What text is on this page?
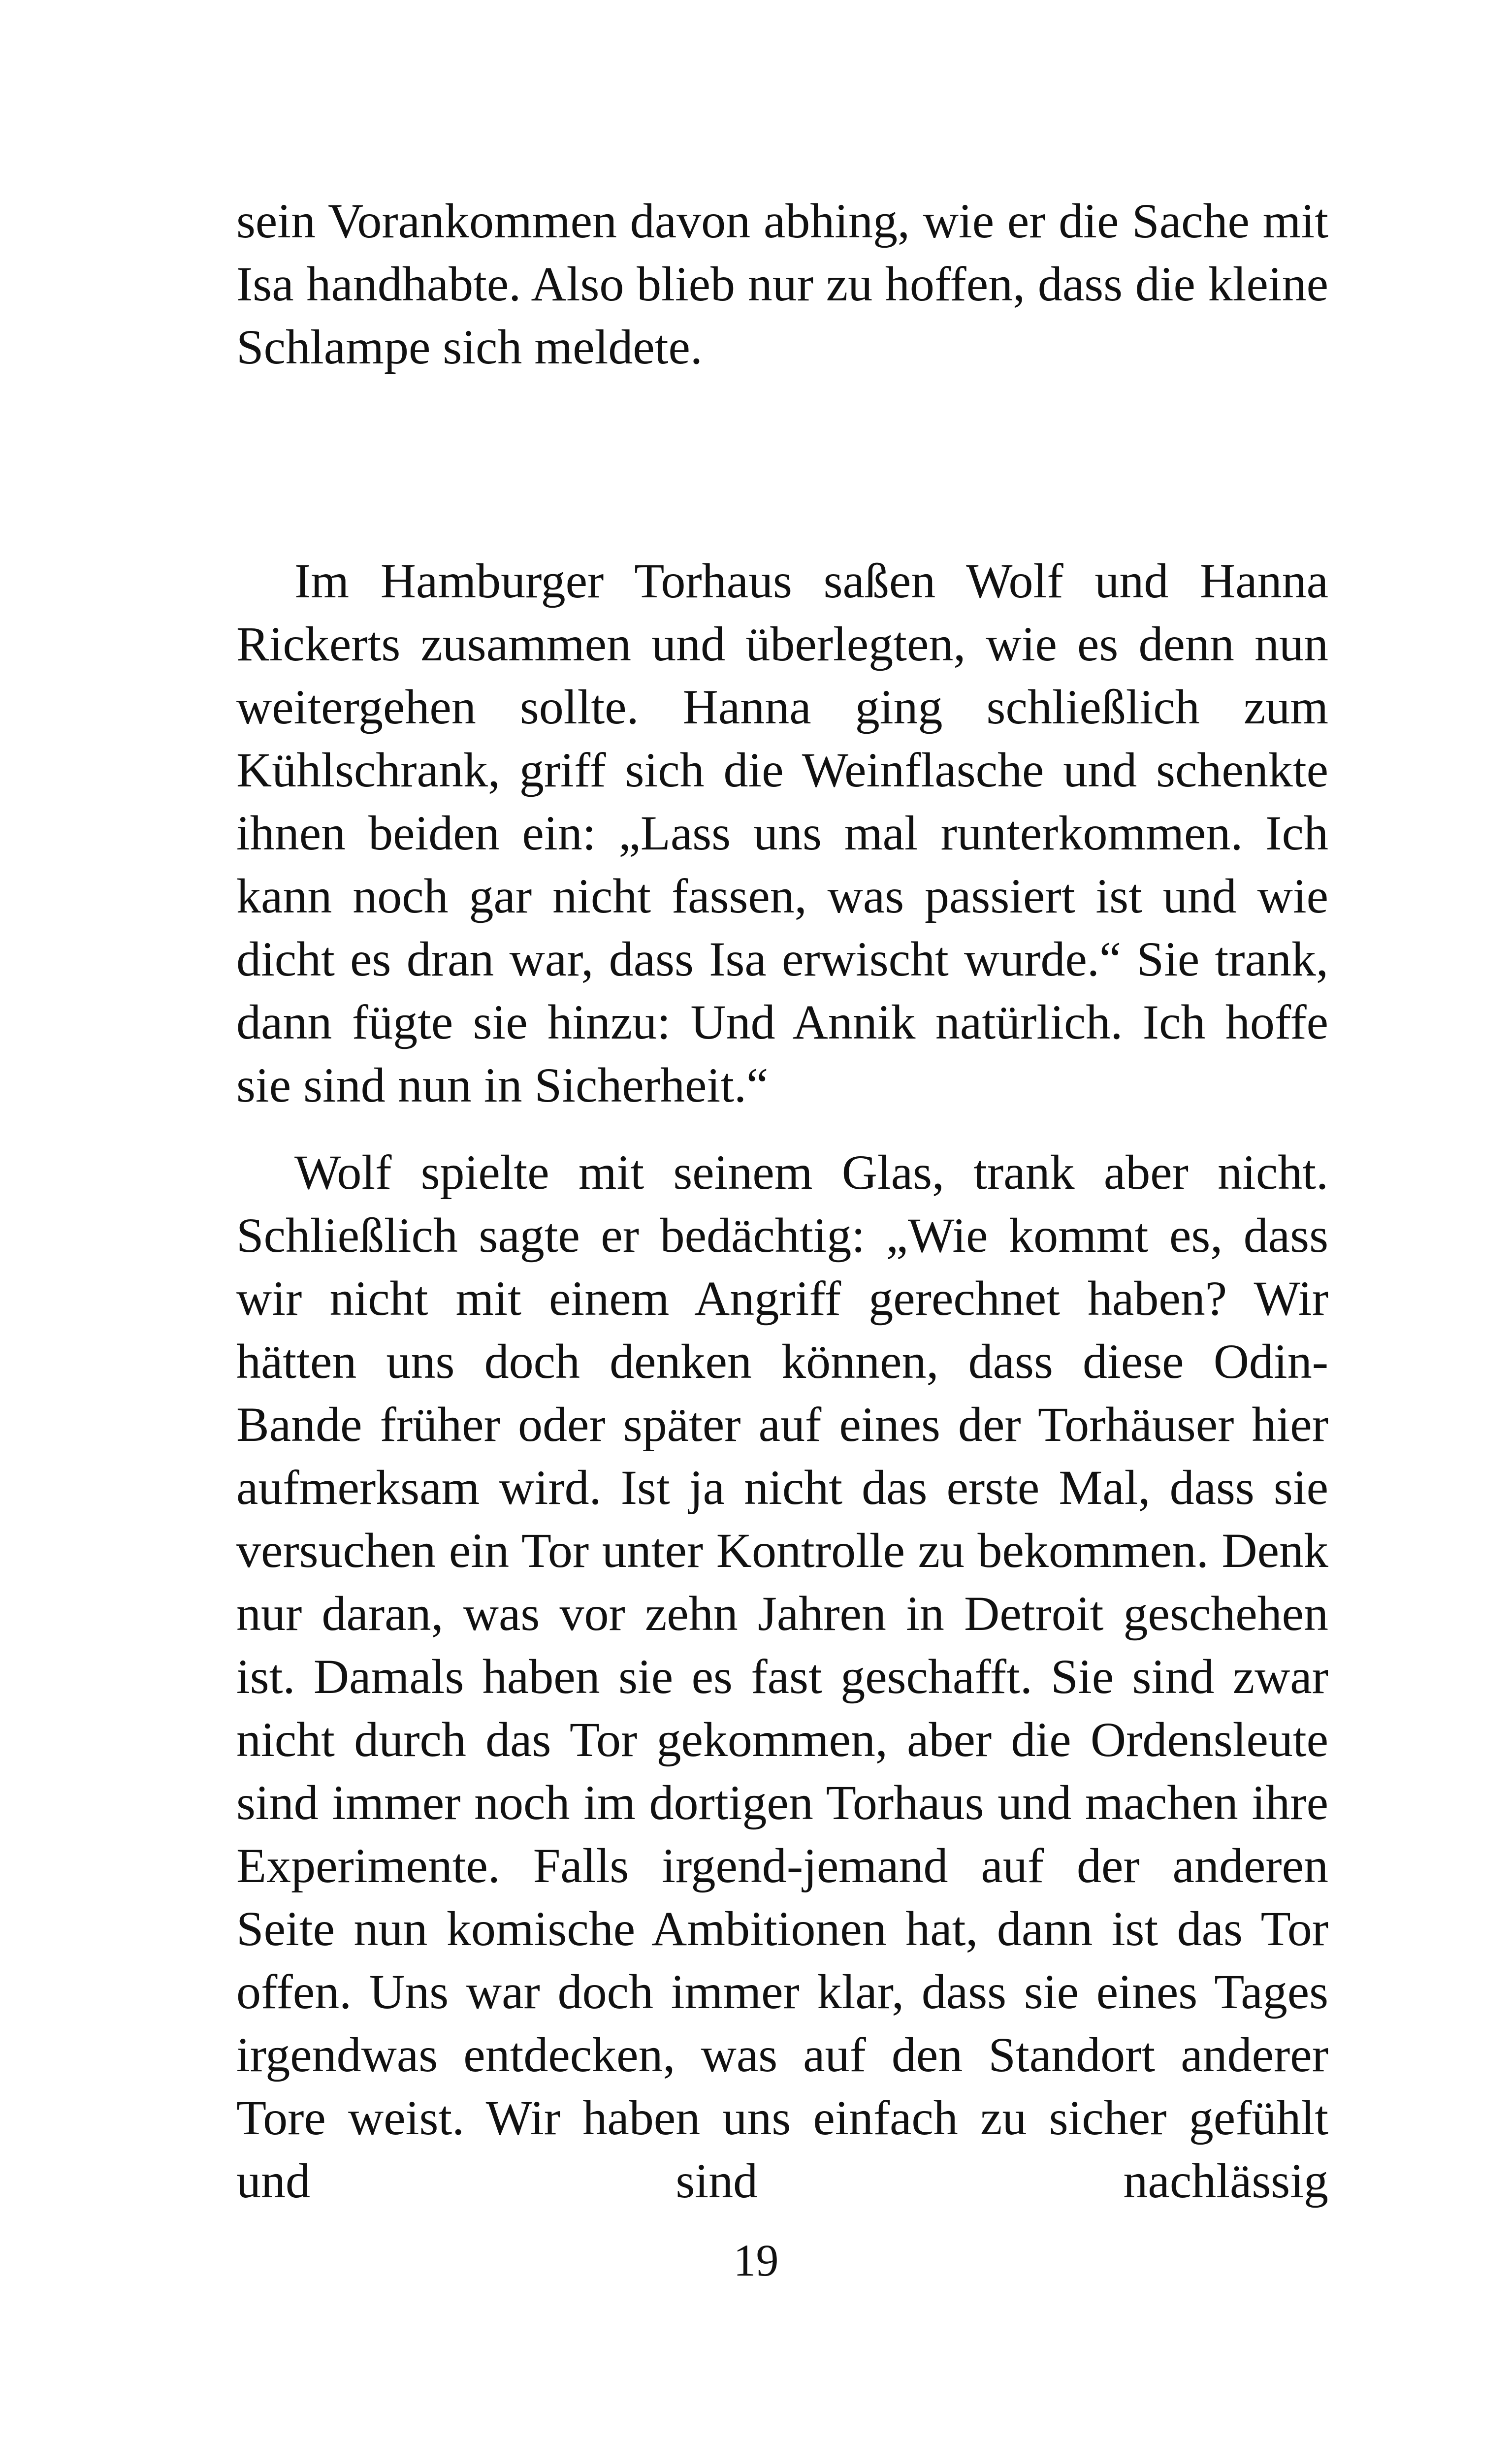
sein Vorankommen davon abhing, wie er die Sache mit Isa handhabte. Also blieb nur zu hoffen, dass die kleine Schlampe sich meldete.

Im Hamburger Torhaus saßen Wolf und Hanna Rickerts zusammen und überlegten, wie es denn nun weitergehen sollte. Hanna ging schließlich zum Kühlschrank, griff sich die Weinflasche und schenkte ihnen beiden ein: „Lass uns mal runterkommen. Ich kann noch gar nicht fassen, was passiert ist und wie dicht es dran war, dass Isa erwischt wurde.“ Sie trank, dann fügte sie hinzu: Und Annik natürlich. Ich hoffe sie sind nun in Sicherheit.“

Wolf spielte mit seinem Glas, trank aber nicht. Schließlich sagte er bedächtig: „Wie kommt es, dass wir nicht mit einem Angriff gerechnet haben? Wir hätten uns doch denken können, dass diese Odin-Bande früher oder später auf eines der Torhäuser hier aufmerksam wird. Ist ja nicht das erste Mal, dass sie versuchen ein Tor unter Kontrolle zu bekommen. Denk nur daran, was vor zehn Jahren in Detroit geschehen ist. Damals haben sie es fast geschafft. Sie sind zwar nicht durch das Tor gekommen, aber die Ordensleute sind immer noch im dortigen Torhaus und machen ihre Experimente. Falls irgend-jemand auf der anderen Seite nun komische Ambitionen hat, dann ist das Tor offen. Uns war doch immer klar, dass sie eines Tages irgendwas entdecken, was auf den Standort anderer Tore weist. Wir haben uns einfach zu sicher gefühlt und sind nachlässig

19
